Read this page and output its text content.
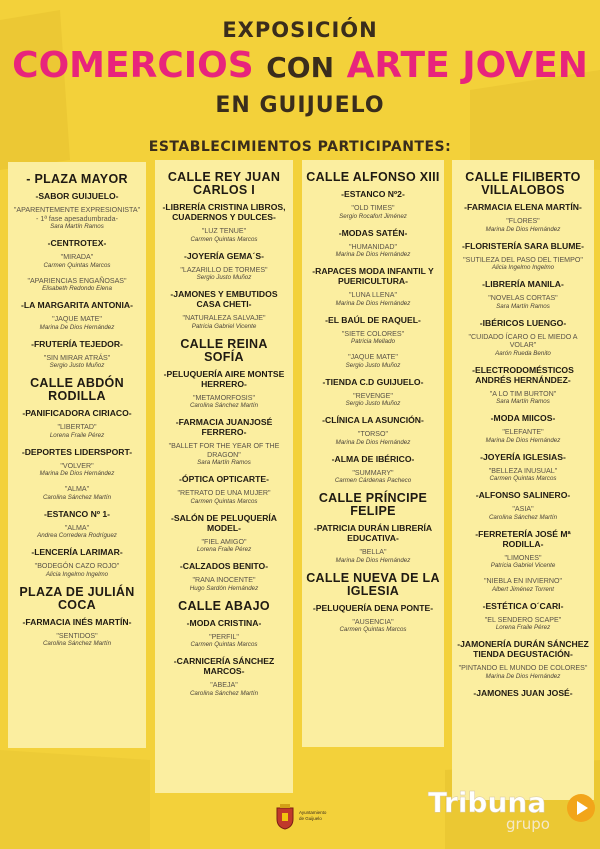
EXPOSICIÓN
COMERCIOS CON ARTE JOVEN
EN GUIJUELO
ESTABLECIMIENTOS PARTICIPANTES:
- PLAZA MAYOR
- SABOR GUIJUELO -
"APARENTEMENTE EXPRESIONISTA" - 1ª fase apesadumbrada-
Sara Martín Ramos
- CENTROTEX -
"MIRADA"
Carmen Quintas Marcos
"APARIENCIAS ENGAÑOSAS"
Elisabeth Redondo Elena
- LA MARGARITA ANTONIA -
"JAQUE MATE"
Marina De Dios Hernández
- FRUTERÍA TEJEDOR -
"SIN MIRAR ATRÁS"
Sergio Justo Muñoz
CALLE ABDÓN RODILLA
- PANIFICADORA CIRIACO -
"LIBERTAD"
Lorena Fraile Pérez
- DEPORTES LIDERSPORT -
"VOLVER"
Marina De Dios Hernández
"ALMA"
Carolina Sánchez Martín
- ESTANCO Nº 1 -
"ALMA"
Andrea Corredera Rodríguez
- LENCERÍA LARIMAR -
"BODEGÓN CAZO ROJO"
Alicia Ingelmo Ingelmo
PLAZA DE JULIÁN COCA
- FARMACIA INÉS MARTÍN -
"SENTIDOS"
Carolina Sánchez Martín
CALLE REY JUAN CARLOS I
- LIBRERÍA CRISTINA LIBROS, CUADERNOS Y DULCES -
"LUZ TENUE"
Carmen Quintas Marcos
- JOYERÍA GEMA´S -
"LAZARILLO DE TORMES"
Sergio Justo Muñoz
- JAMONES Y EMBUTIDOS CASA CHETI -
"NATURALEZA SALVAJE"
Patricia Gabriel Vicente
CALLE REINA SOFÍA
- PELUQUERÍA AIRE MONTSE HERRERO -
"METAMORFOSIS"
Carolina Sánchez Martín
- FARMACIA JUANJOSÉ FERRERO -
"BALLET FOR THE YEAR OF THE DRAGON"
Sara Martín Ramos
- ÓPTICA OPTICARTE -
"RETRATO DE UNA MUJER"
Carmen Quintas Marcos
- SALÓN DE PELUQUERÍA MODEL -
"FIEL AMIGO"
Lorena Fraile Pérez
- CALZADOS BENITO -
"RANA INOCENTE"
Hugo Sardón Hernández
CALLE ABAJO
- MODA CRISTINA -
"PERFIL"
Carmen Quintas Marcos
- CARNICERÍA SÁNCHEZ MARCOS -
"ABEJA"
Carolina Sánchez Martín
CALLE ALFONSO XIII
- ESTANCO Nº2 -
"OLD TIMES"
Sergio Rocafort Jiménez
- MODAS SATÉN -
"HUMANIDAD"
Marina De Dios Hernández
- RAPACES MODA INFANTIL Y PUERICULTURA -
"LUNA LLENA"
Marina De Dios Hernández
- EL BAÚL DE RAQUEL -
"SIETE COLORES"
Patricia Mellado
"JAQUE MATE"
Sergio Justo Muñoz
- TIENDA C.D GUIJUELO -
"REVENGE"
Sergio Justo Muñoz
- CLÍNICA LA ASUNCIÓN -
"TORSO"
Marina De Dios Hernández
- ALMA DE IBÉRICO -
"SUMMARY"
Carmen Cárdenas Pacheco
CALLE PRÍNCIPE FELIPE
- PATRICIA DURÁN LIBRERÍA EDUCATIVA -
"BELLA"
Marina De Dios Hernández
CALLE NUEVA DE LA IGLESIA
- PELUQUERÍA DENA PONTE -
"AUSENCIA"
Carmen Quintas Marcos
CALLE FILIBERTO VILLALOBOS
- FARMACIA ELENA MARTÍN -
"FLORES"
Marina De Dios Hernández
- FLORISTERÍA SARA BLUME -
"SUTILEZA DEL PASO DEL TIEMPO"
Alicia Ingelmo Ingelmo
- LIBRERÍA MANILA -
"NOVELAS CORTAS"
Sara Martín Ramos
- IBÉRICOS LUENGO -
"CUIDADO ÍCARO O EL MIEDO A VOLAR"
Aarón Rueda Benito
- ELECTRODOMÉSTICOS ANDRÉS HERNÁNDEZ -
"A LO TIM BURTON"
Sara Martín Ramos
- MODA MIICOS -
"ELEFANTE"
Marina De Dios Hernández
- JOYERÍA IGLESIAS -
"BELLEZA INUSUAL"
Carmen Quintas Marcos
- ALFONSO SALINERO -
"ASIA"
Carolina Sánchez Martín
- FERRETERÍA JOSÉ Mª RODILLA -
"LIMONES"
Patricia Gabriel Vicente
"NIEBLA EN INVIERNO"
Albert Jiménez Torrent
- ESTÉTICA O´CARI -
"EL SENDERO SCAPE"
Lorena Fraile Pérez
- JAMONERÍA DURÁN SÁNCHEZ TIENDA DEGUSTACIÓN -
"PINTANDO EL MUNDO DE COLORES"
Marina De Dios Hernández
- JAMONES JUAN JOSÉ -
Ayuntamiento
de Guijuelo	Tribuna
grupo
